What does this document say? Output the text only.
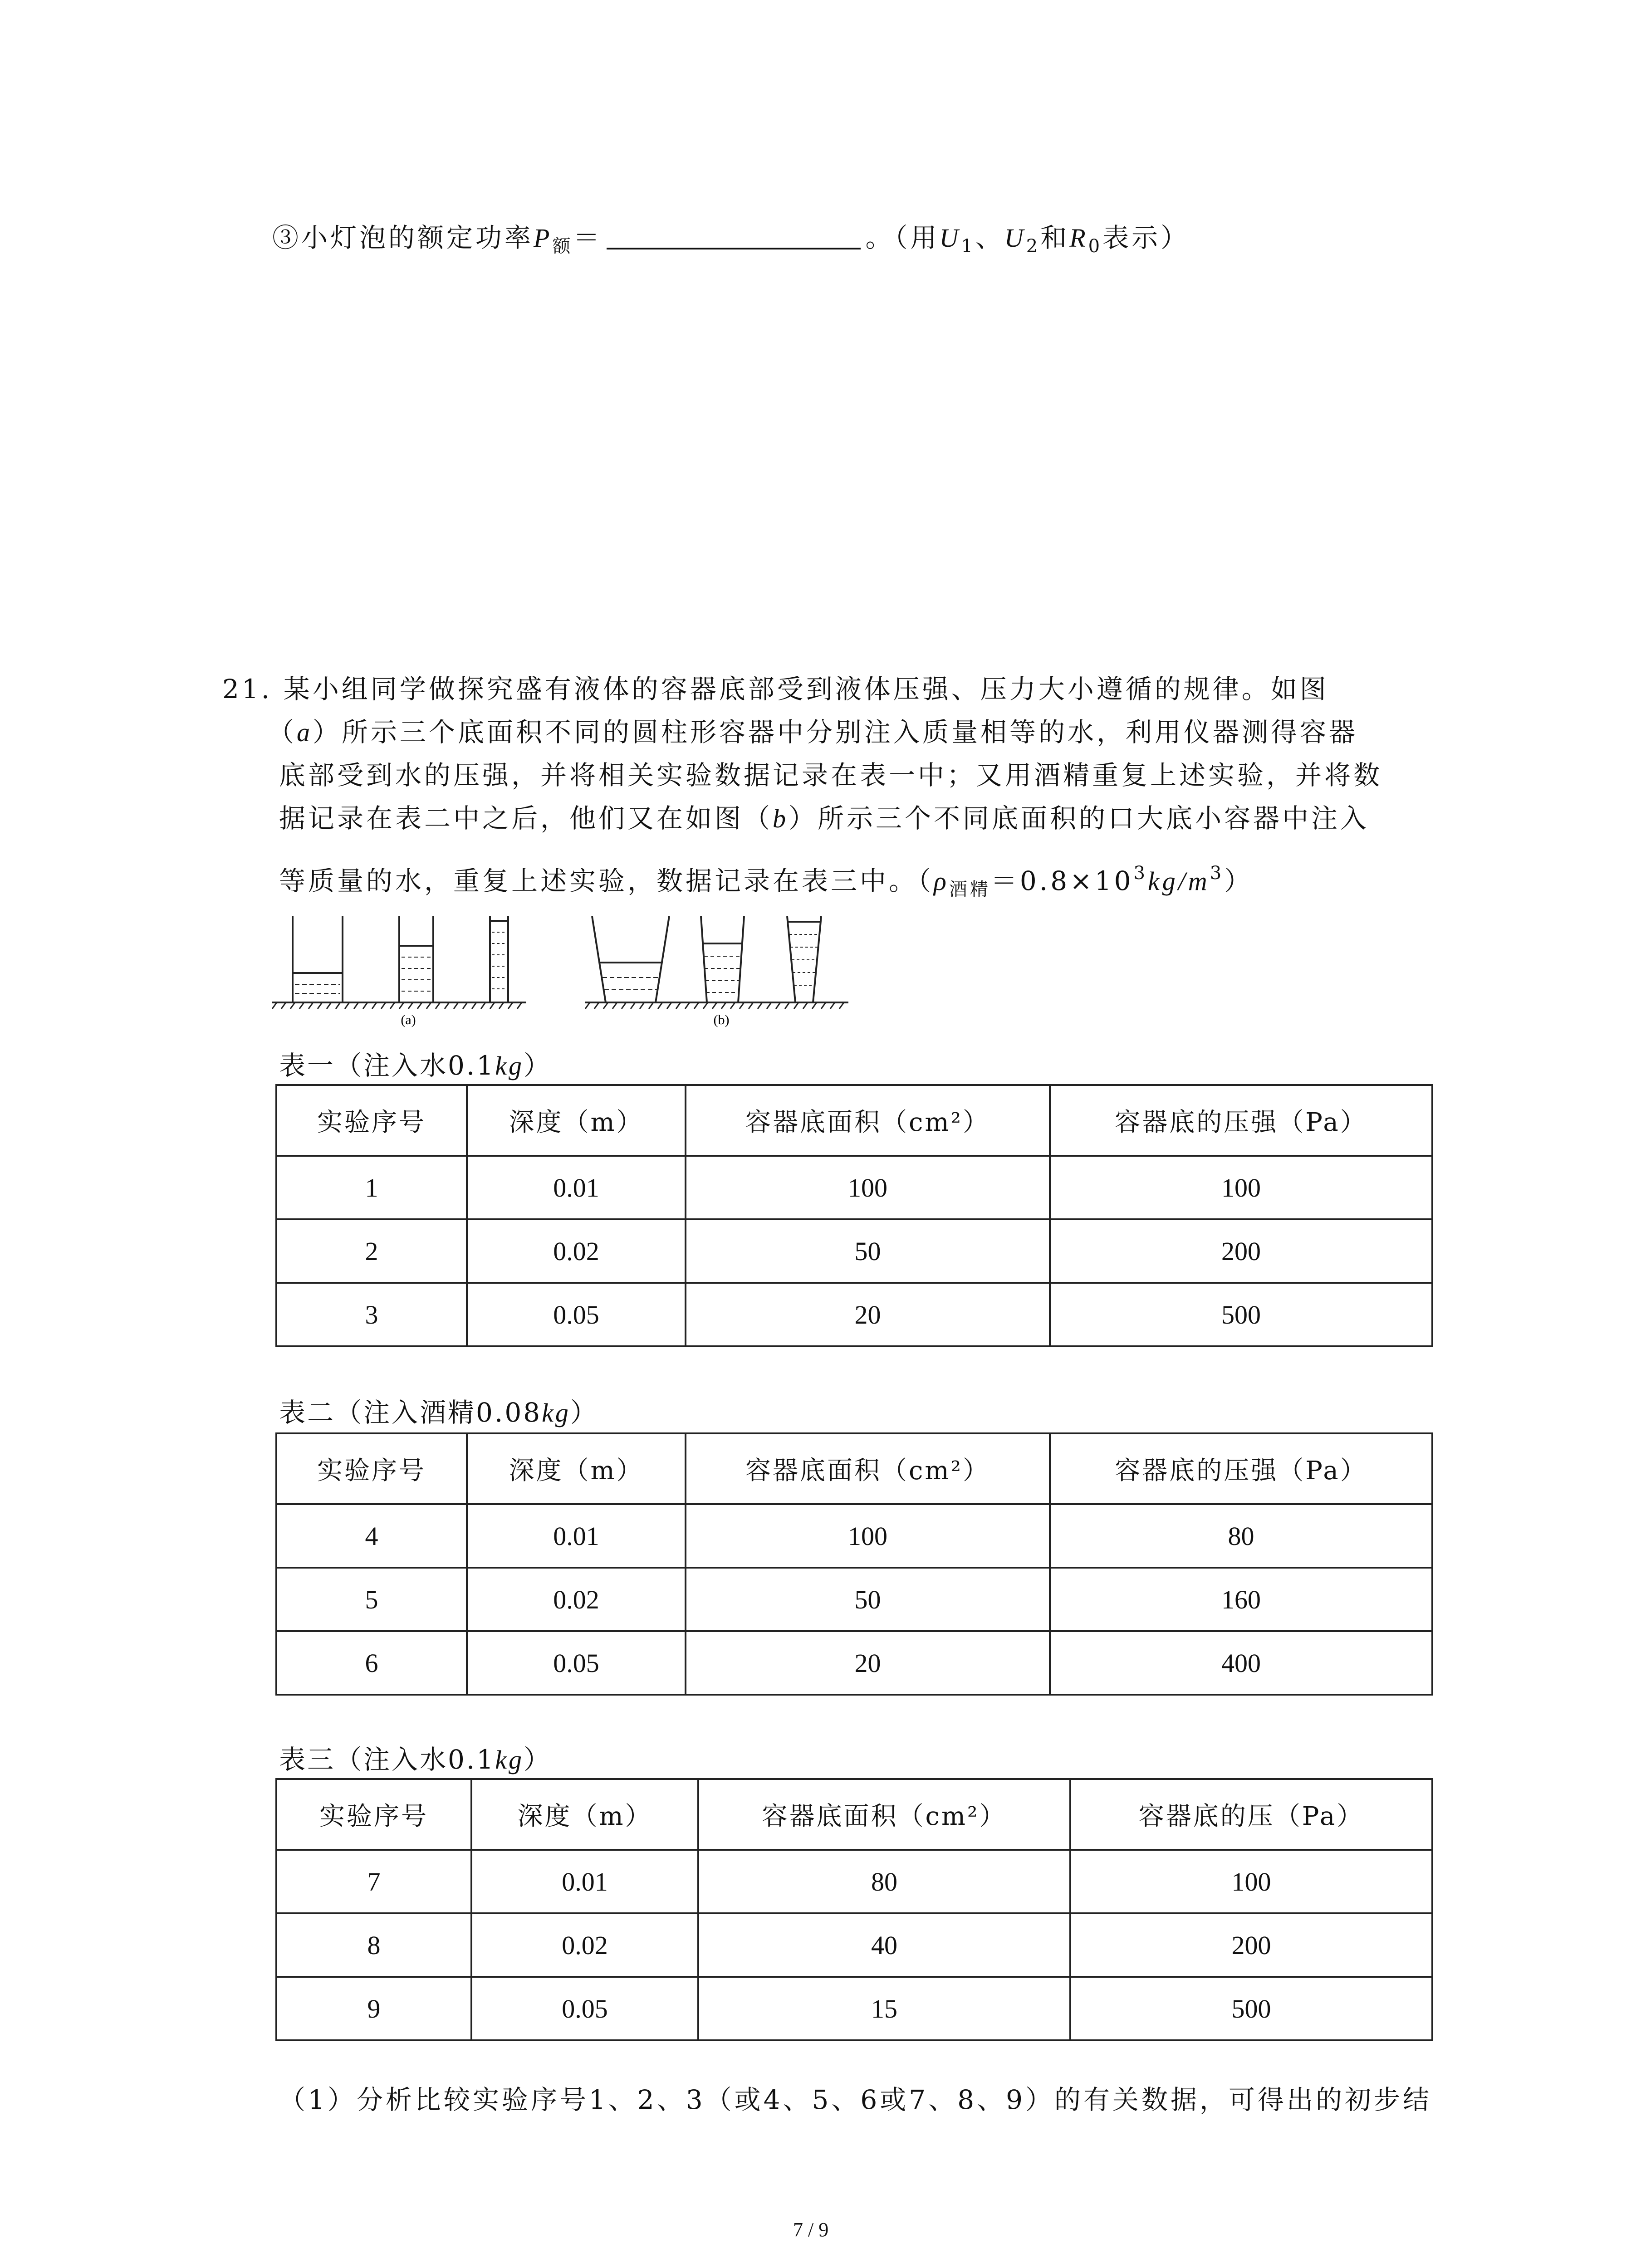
③小灯泡的额定功率$P_额=$	。（用$U_1$、$U_2$和$R_0$表示）
21. 某小组同学做探究盛有液体的容器底部受到液体压强、压力大小遵循的规律。如图
（a）所示三个底面积不同的圆柱形容器中分别注入质量相等的水，利用仪器测得容器
底部受到水的压强，并将相关实验数据记录在表一中；又用酒精重复上述实验，并将数
据记录在表二中之后，他们又在如图（b）所示三个不同底面积的口大底小容器中注入
等质量的水，重复上述实验，数据记录在表三中。$(\rho_{酒精}=0.8\times 10^3kg/m^3)$
(a)	(b)
表一（注入水0.1kg）
实验序号	深度（m）	容器底面积（cm²）	容器底的压强（Pa）
1	0.01	100	100
2	0.02	50	200
3	0.05	20	500
表二（注入酒精0.08kg）
实验序号	深度（m）	容器底面积（cm²）	容器底的压强（Pa）
4	0.01	100	80
5	0.02	50	160
6	0.05	20	400
表三（注入水0.1kg）
实验序号	深度（m）	容器底面积（cm²）	容器底的压（Pa）
7	0.01	80	100
8	0.02	40	200
9	0.05	15	500
（1）分析比较实验序号1、2、3（或4、5、6或7、8、9）的有关数据，可得出的初步结
7 / 9
